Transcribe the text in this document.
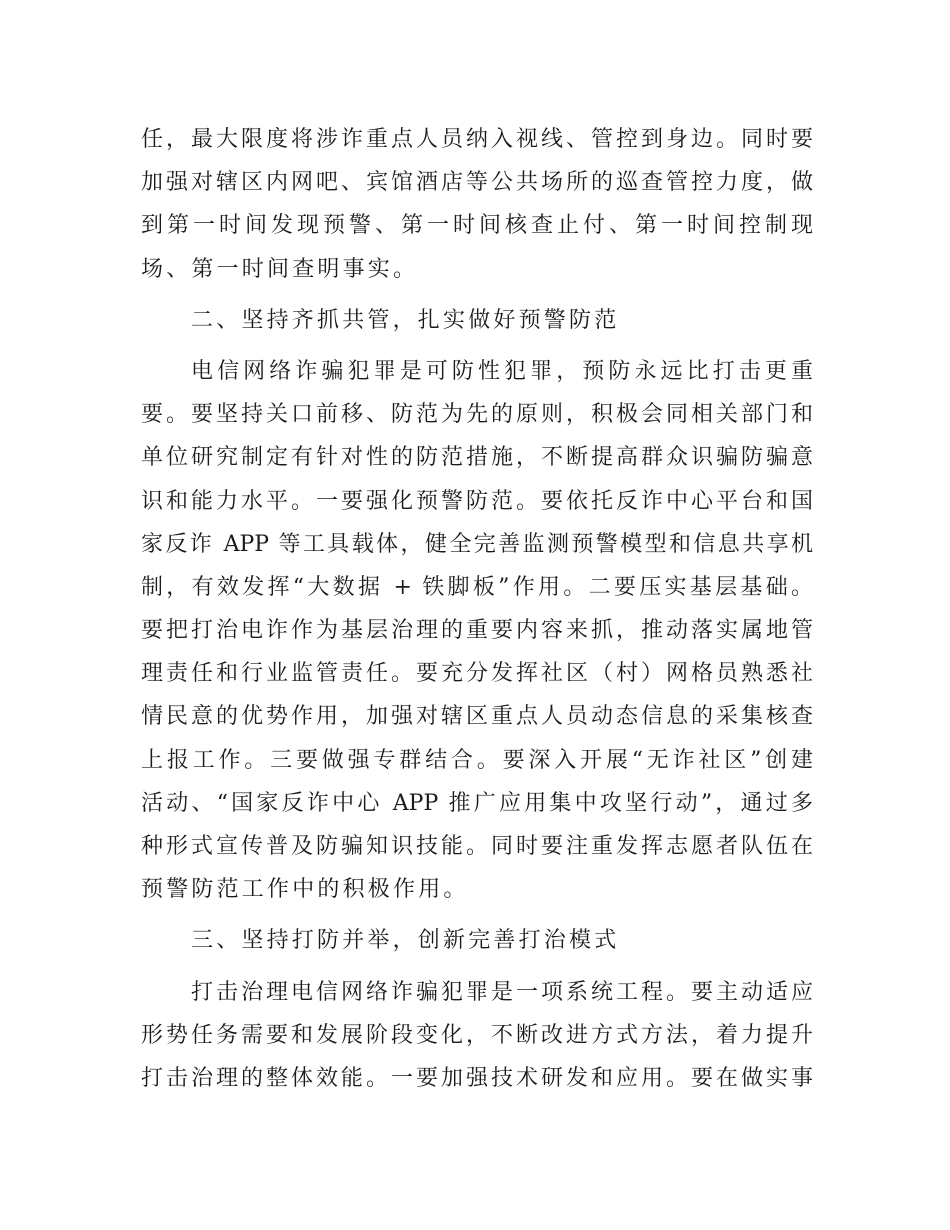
任，最大限度将涉诈重点人员纳入视线、管控到身边。同时要
加强对辖区内网吧、宾馆酒店等公共场所的巡查管控力度，做
到第一时间发现预警、第一时间核查止付、第一时间控制现
场、第一时间查明事实。
二、坚持齐抓共管，扎实做好预警防范
电信网络诈骗犯罪是可防性犯罪，预防永远比打击更重
要。要坚持关口前移、防范为先的原则，积极会同相关部门和
单位研究制定有针对性的防范措施，不断提高群众识骗防骗意
识和能力水平。一要强化预警防范。要依托反诈中心平台和国
家反诈 APP 等工具载体，健全完善监测预警模型和信息共享机
制，有效发挥“大数据 + 铁脚板”作用。二要压实基层基础。
要把打治电诈作为基层治理的重要内容来抓，推动落实属地管
理责任和行业监管责任。要充分发挥社区（村）网格员熟悉社
情民意的优势作用，加强对辖区重点人员动态信息的采集核查
上报工作。三要做强专群结合。要深入开展“无诈社区”创建
活动、“国家反诈中心 APP 推广应用集中攻坚行动”，通过多
种形式宣传普及防骗知识技能。同时要注重发挥志愿者队伍在
预警防范工作中的积极作用。
三、坚持打防并举，创新完善打治模式
打击治理电信网络诈骗犯罪是一项系统工程。要主动适应
形势任务需要和发展阶段变化，不断改进方式方法，着力提升
打击治理的整体效能。一要加强技术研发和应用。要在做实事
